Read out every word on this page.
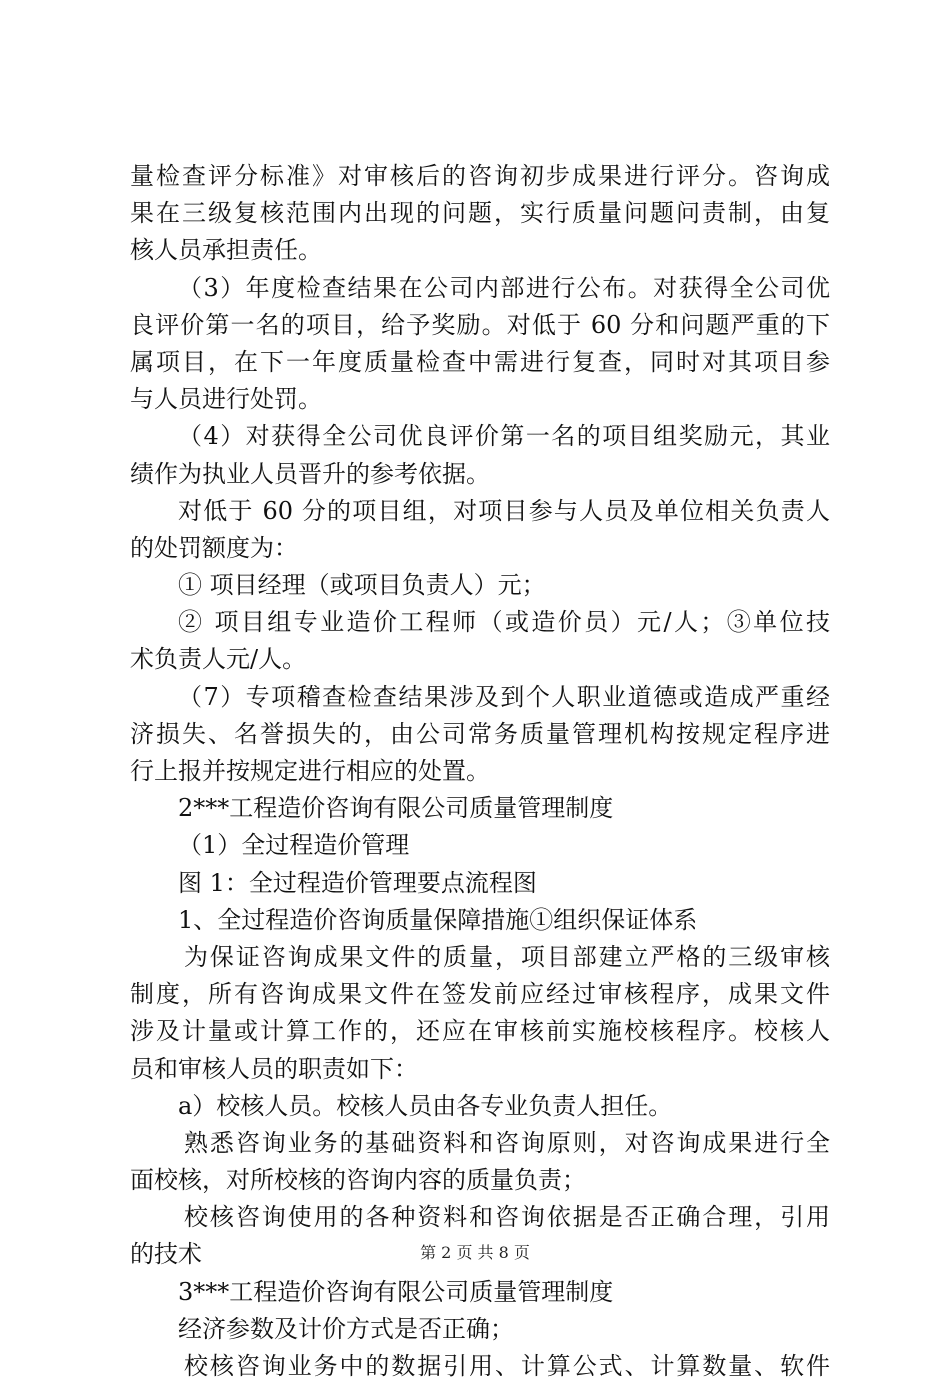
量检查评分标准》对审核后的咨询初步成果进行评分。咨询成
果在三级复核范围内出现的问题，实行质量问题问责制，由复
核人员承担责任。
（3）年度检查结果在公司内部进行公布。对获得全公司优
良评价第一名的项目，给予奖励。对低于 60 分和问题严重的下
属项目，在下一年度质量检查中需进行复查，同时对其项目参
与人员进行处罚。
（4）对获得全公司优良评价第一名的项目组奖励元，其业
绩作为执业人员晋升的参考依据。
对低于 60 分的项目组，对项目参与人员及单位相关负责人
的处罚额度为：
① 项目经理（或项目负责人）元；
② 项目组专业造价工程师（或造价员）元/人；③单位技
术负责人元/人。
（7）专项稽查检查结果涉及到个人职业道德或造成严重经
济损失、名誉损失的，由公司常务质量管理机构按规定程序进
行上报并按规定进行相应的处置。
2***工程造价咨询有限公司质量管理制度
（1）全过程造价管理
图 1：全过程造价管理要点流程图
1、全过程造价咨询质量保障措施①组织保证体系
为保证咨询成果文件的质量，项目部建立严格的三级审核
制度，所有咨询成果文件在签发前应经过审核程序，成果文件
涉及计量或计算工作的，还应在审核前实施校核程序。校核人
员和审核人员的职责如下：
a）校核人员。校核人员由各专业负责人担任。
熟悉咨询业务的基础资料和咨询原则，对咨询成果进行全
面校核，对所校核的咨询内容的质量负责；
校核咨询使用的各种资料和咨询依据是否正确合理，引用
的技术
3***工程造价咨询有限公司质量管理制度
经济参数及计价方式是否正确；
校核咨询业务中的数据引用、计算公式、计算数量、软件
第 2 页 共 8 页
